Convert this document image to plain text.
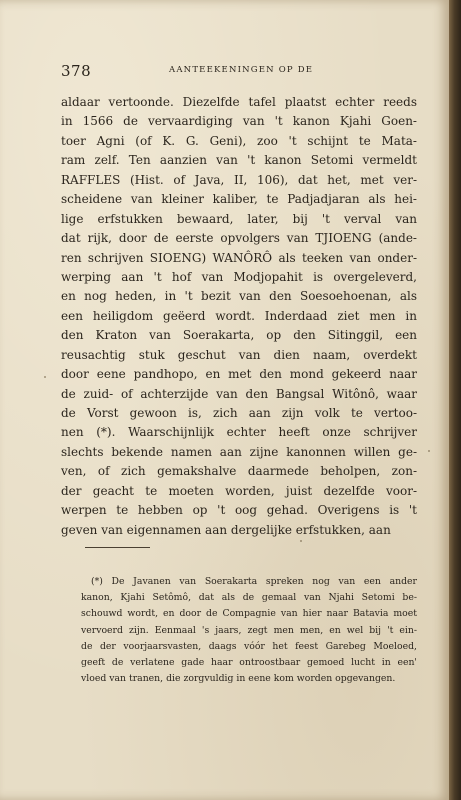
378	AANTEEKENINGEN OP DE
aldaar vertoonde. Diezelfde tafel plaatst echter reeds
in 1566 de vervaardiging van 't kanon Kjahi Goen-
toer Agni (of K. G. Geni), zoo 't schijnt te Mata-
ram zelf. Ten aanzien van 't kanon Setomi vermeldt
RAFFLES (Hist. of Java, II, 106), dat het, met ver-
scheidene van kleiner kaliber, te Padjadjaran als hei-
lige erfstukken bewaard, later, bij 't verval van
dat rijk, door de eerste opvolgers van TJIOENG (ande-
ren schrijven SIOENG) WANÔRÔ als teeken van onder-
werping aan 't hof van Modjopahit is overgeleverd,
en nog heden, in 't bezit van den Soesoehoenan, als
een heiligdom geëerd wordt. Inderdaad ziet men in
den Kraton van Soerakarta, op den Sitinggil, een
reusachtig stuk geschut van dien naam, overdekt
door eene pandhopo, en met den mond gekeerd naar
de zuid- of achterzijde van den Bangsal Witônô, waar
de Vorst gewoon is, zich aan zijn volk te vertoo-
nen (*). Waarschijnlijk echter heeft onze schrijver
slechts bekende namen aan zijne kanonnen willen ge-
ven, of zich gemakshalve daarmede beholpen, zon-
der geacht te moeten worden, juist dezelfde voor-
werpen te hebben op 't oog gehad. Overigens is 't
geven van eigennamen aan dergelijke erfstukken, aan
(*) De Javanen van Soerakarta spreken nog van een ander
kanon, Kjahi Setômô, dat als de gemaal van Njahi Setomi be-
schouwd wordt, en door de Compagnie van hier naar Batavia moet
vervoerd zijn. Eenmaal 's jaars, zegt men men, en wel bij 't ein-
de der voorjaarsvasten, daags vóór het feest Garebeg Moeloed,
geeft de verlatene gade haar ontroostbaar gemoed lucht in een'
vloed van tranen, die zorgvuldig in eene kom worden opgevangen.
